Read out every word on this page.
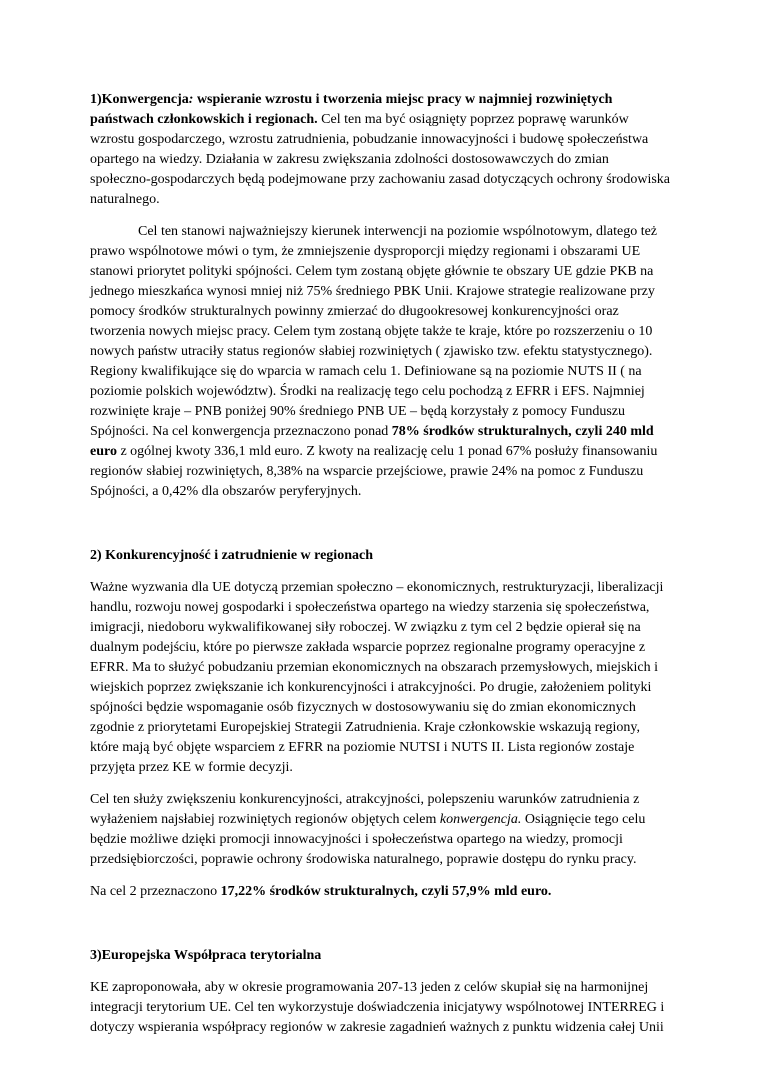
1)Konwergencja: wspieranie wzrostu i tworzenia miejsc pracy w najmniej rozwiniętych państwach członkowskich i regionach. Cel ten ma być osiągnięty poprzez poprawę warunków wzrostu gospodarczego, wzrostu zatrudnienia, pobudzanie innowacyjności i budowę społeczeństwa opartego na wiedzy. Działania w zakresu zwiększania zdolności dostosowawczych do zmian społeczno-gospodarczych będą podejmowane przy zachowaniu zasad dotyczących ochrony środowiska naturalnego.

Cel ten stanowi najważniejszy kierunek interwencji na poziomie wspólnotowym, dlatego też prawo wspólnotowe mówi o tym, że zmniejszenie dysproporcji między regionami i obszarami UE stanowi priorytet polityki spójności. Celem tym zostaną objęte głównie te obszary UE gdzie PKB na jednego mieszkańca wynosi mniej niż 75% średniego PBK Unii. Krajowe strategie realizowane przy pomocy środków strukturalnych powinny zmierzać do długookresowej konkurencyjności oraz tworzenia nowych miejsc pracy. Celem tym zostaną objęte także te kraje, które po rozszerzeniu o 10 nowych państw utraciły status regionów słabiej rozwiniętych ( zjawisko tzw. efektu statystycznego). Regiony kwalifikujące się do wparcia w ramach celu 1. Definiowane są na poziomie NUTS II ( na poziomie polskich województw). Środki na realizację tego celu pochodzą z EFRR i EFS. Najmniej rozwinięte kraje – PNB poniżej 90% średniego PNB UE – będą korzystały z pomocy Funduszu Spójności. Na cel konwergencja przeznaczono ponad 78% środków strukturalnych, czyli 240 mld euro z ogólnej kwoty 336,1 mld euro. Z kwoty na realizację celu 1 ponad 67% posłuży finansowaniu regionów słabiej rozwiniętych, 8,38% na wsparcie przejściowe, prawie 24% na pomoc z Funduszu Spójności, a 0,42% dla obszarów peryferyjnych.

2) Konkurencyjność i zatrudnienie w regionach

Ważne wyzwania dla UE dotyczą przemian społeczno – ekonomicznych, restrukturyzacji, liberalizacji handlu, rozwoju nowej gospodarki i społeczeństwa opartego na wiedzy starzenia się społeczeństwa, imigracji, niedoboru wykwalifikowanej siły roboczej. W związku z tym cel 2 będzie opierał się na dualnym podejściu, które po pierwsze zakłada wsparcie poprzez regionalne programy operacyjne z EFRR. Ma to służyć pobudzaniu przemian ekonomicznych na obszarach przemysłowych, miejskich i wiejskich poprzez zwiększanie ich konkurencyjności i atrakcyjności. Po drugie, założeniem polityki spójności będzie wspomaganie osób fizycznych w dostosowywaniu się do zmian ekonomicznych zgodnie z priorytetami Europejskiej Strategii Zatrudnienia. Kraje członkowskie wskazują regiony, które mają być objęte wsparciem z EFRR na poziomie NUTSI i NUTS II. Lista regionów zostaje przyjęta przez KE w formie decyzji.

Cel ten służy zwiększeniu konkurencyjności, atrakcyjności, polepszeniu warunków zatrudnienia z wyłażeniem najsłabiej rozwiniętych regionów objętych celem konwergencja. Osiągnięcie tego celu będzie możliwe dzięki promocji innowacyjności i społeczeństwa opartego na wiedzy, promocji przedsiębiorczości, poprawie ochrony środowiska naturalnego, poprawie dostępu do rynku pracy.

Na cel 2 przeznaczono 17,22% środków strukturalnych, czyli 57,9% mld euro.

3)Europejska Współpraca terytorialna

KE zaproponowała, aby w okresie programowania 207-13 jeden z celów skupiał się na harmonijnej integracji terytorium UE. Cel ten wykorzystuje doświadczenia inicjatywy wspólnotowej INTERREG i dotyczy wspierania współpracy regionów w zakresie zagadnień ważnych z punktu widzenia całej Unii
